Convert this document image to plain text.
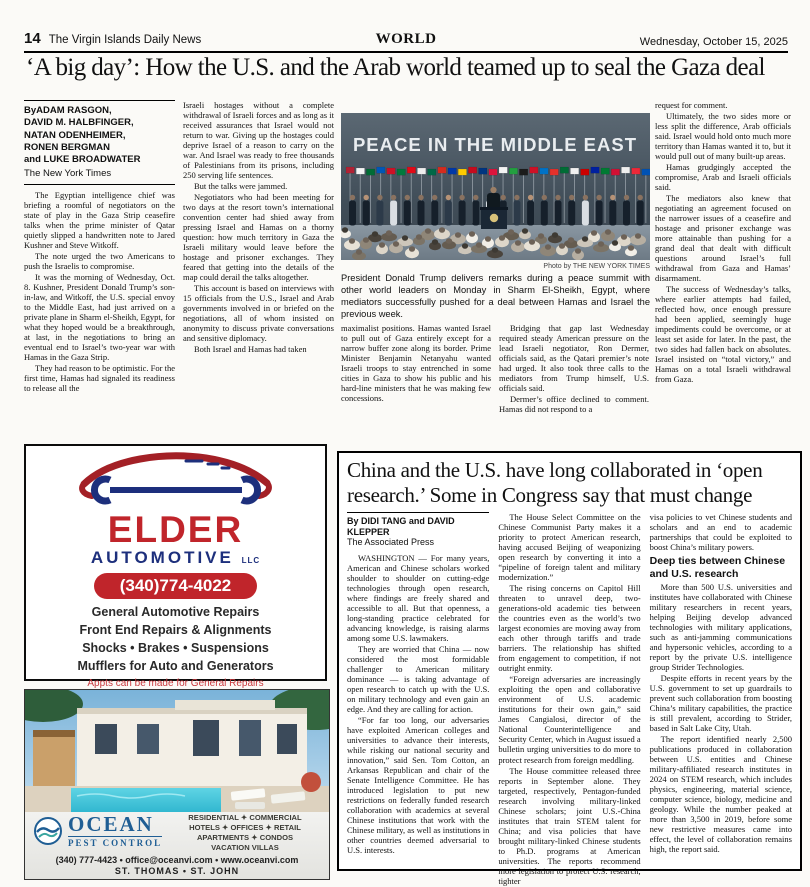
14 The Virgin Islands Daily News	WORLD	Wednesday, October 15, 2025
‘A big day’: How the U.S. and the Arab world teamed up to seal the Gaza deal
ByADAM RASGON,
DAVID M. HALBFINGER,
NATAN ODENHEIMER,
RONEN BERGMAN
and LUKE BROADWATER
The New York Times

The Egyptian intelligence chief was briefing a roomful of negotiators on the state of play in the Gaza Strip ceasefire talks when the prime minister of Qatar quietly slipped a handwritten note to Jared Kushner and Steve Witkoff.

The note urged the two Americans to push the Israelis to compromise.

It was the morning of Wednesday, Oct. 8. Kushner, President Donald Trump’s son-in-law, and Witkoff, the U.S. special envoy to the Middle East, had just arrived on a private plane in Sharm el-Sheikh, Egypt, for what they hoped would be a breakthrough, at last, in the negotiations to bring an eventual end to Israel’s two-year war with Hamas in the Gaza Strip.

They had reason to be optimistic. For the first time, Hamas had signaled its readiness to release all the

Israeli hostages without a complete withdrawal of Israeli forces and as long as it received assurances that Israel would not return to war. Giving up the hostages could deprive Israel of a reason to carry on the war. And Israel was ready to free thousands of Palestinians from its prisons, including 250 serving life sentences.

But the talks were jammed.

Negotiators who had been meeting for two days at the resort town’s international convention center had shied away from pressing Israel and Hamas on a thorny question: how much territory in Gaza the Israeli military would leave before the hostage and prisoner exchanges. They feared that getting into the details of the map could derail the talks altogether.

This account is based on interviews with 15 officials from the U.S., Israel and Arab governments involved in or briefed on the negotiations, all of whom insisted on anonymity to discuss private conversations and sensitive diplomacy.

Both Israel and Hamas had taken

PEACE IN THE MIDDLE EAST
Photo by THE NEW YORK TIMES
President Donald Trump delivers remarks during a peace summit with other world leaders on Monday in Sharm El-Sheikh, Egypt, where mediators successfully pushed for a deal between Hamas and Israel the previous week.

maximalist positions. Hamas wanted Israel to pull out of Gaza entirely except for a narrow buffer zone along its border. Prime Minister Benjamin Netanyahu wanted Israeli troops to stay entrenched in some cities in Gaza to show his public and his hard-line ministers that he was making few concessions.

Bridging that gap last Wednesday required steady American pressure on the lead Israeli negotiator, Ron Dermer, officials said, as the Qatari premier’s note had urged. It also took three calls to the mediators from Trump himself, U.S. officials said.

Dermer’s office declined to comment. Hamas did not respond to a

request for comment.

Ultimately, the two sides more or less split the difference, Arab officials said. Israel would hold onto much more territory than Hamas wanted it to, but it would pull out of many built-up areas.

Hamas grudgingly accepted the compromise, Arab and Israeli officials said.

The mediators also knew that negotiating an agreement focused on the narrower issues of a ceasefire and hostage and prisoner exchange was more attainable than pushing for a grand deal that dealt with difficult questions around Israel’s full withdrawal from Gaza and Hamas’ disarmament.

The success of Wednesday’s talks, where earlier attempts had failed, reflected how, once enough pressure had been applied, seemingly huge impediments could be overcome, or at least set aside for later. In the past, the two sides had fallen back on absolutes. Israel insisted on “total victory,” and Hamas on a total Israeli withdrawal from Gaza.

ELDER
AUTOMOTIVE LLC
(340)774-4022
General Automotive Repairs
Front End Repairs & Alignments
Shocks • Brakes • Suspensions
Mufflers for Auto and Generators
Appts can be made for General Repairs
OCEAN
PEST CONTROL
RESIDENTIAL ✦ COMMERCIAL
HOTELS ✦ OFFICES ✦ RETAIL
APARTMENTS ✦ CONDOS
VACATION VILLAS
(340) 777-4423 • office@oceanvi.com • www.oceanvi.com
ST. THOMAS • ST. JOHN
China and the U.S. have long collaborated in ‘open research.’ Some in Congress say that must change
By DIDI TANG and DAVID KLEPPER
The Associated Press

WASHINGTON — For many years, American and Chinese scholars worked shoulder to shoulder on cutting-edge technologies through open research, where findings are freely shared and accessible to all. But that openness, a long-standing practice celebrated for advancing knowledge, is raising alarms among some U.S. lawmakers.

They are worried that China — now considered the most formidable challenger to American military dominance — is taking advantage of open research to catch up with the U.S. on military technology and even gain an edge. And they are calling for action.

“For far too long, our adversaries have exploited American colleges and universities to advance their interests, while risking our national security and innovation,” said Sen. Tom Cotton, an Arkansas Republican and chair of the Senate Intelligence Committee. He has introduced legislation to put new restrictions on federally funded research collaboration with academics at several Chinese institutions that work with the Chinese military, as well as institutions in other countries deemed adversarial to U.S. interests.

The House Select Committee on the Chinese Communist Party makes it a priority to protect American research, having accused Beijing of weaponizing open research by converting it into a “pipeline of foreign talent and military modernization.”

The rising concerns on Capitol Hill threaten to unravel deep, two-generations-old academic ties between the countries even as the world’s two largest economies are moving away from each other through tariffs and trade barriers. The relationship has shifted from engagement to competition, if not outright enmity.

“Foreign adversaries are increasingly exploiting the open and collaborative environment of U.S. academic institutions for their own gain,” said James Cangialosi, director of the National Counterintelligence and Security Center, which in August issued a bulletin urging universities to do more to protect research from foreign meddling.

The House committee released three reports in September alone. They targeted, respectively, Pentagon-funded research involving military-linked Chinese scholars; joint U.S.-China institutes that train STEM talent for China; and visa policies that have brought military-linked Chinese students to Ph.D. programs at American universities. The reports recommend more legislation to protect U.S. research, tighter

visa policies to vet Chinese students and scholars and an end to academic partnerships that could be exploited to boost China’s military powers.

Deep ties between Chinese and U.S. research

More than 500 U.S. universities and institutes have collaborated with Chinese military researchers in recent years, helping Beijing develop advanced technologies with military applications, such as anti-jamming communications and hypersonic vehicles, according to a report by the private U.S. intelligence group Strider Technologies.

Despite efforts in recent years by the U.S. government to set up guardrails to prevent such collaboration from boosting China’s military capabilities, the practice is still prevalent, according to Strider, based in Salt Lake City, Utah.

The report identified nearly 2,500 publications produced in collaboration between U.S. entities and Chinese military-affiliated research institutes in 2024 on STEM research, which includes physics, engineering, material science, computer science, biology, medicine and geology. While the number peaked at more than 3,500 in 2019, before some new restrictive measures came into effect, the level of collaboration remains high, the report said.
